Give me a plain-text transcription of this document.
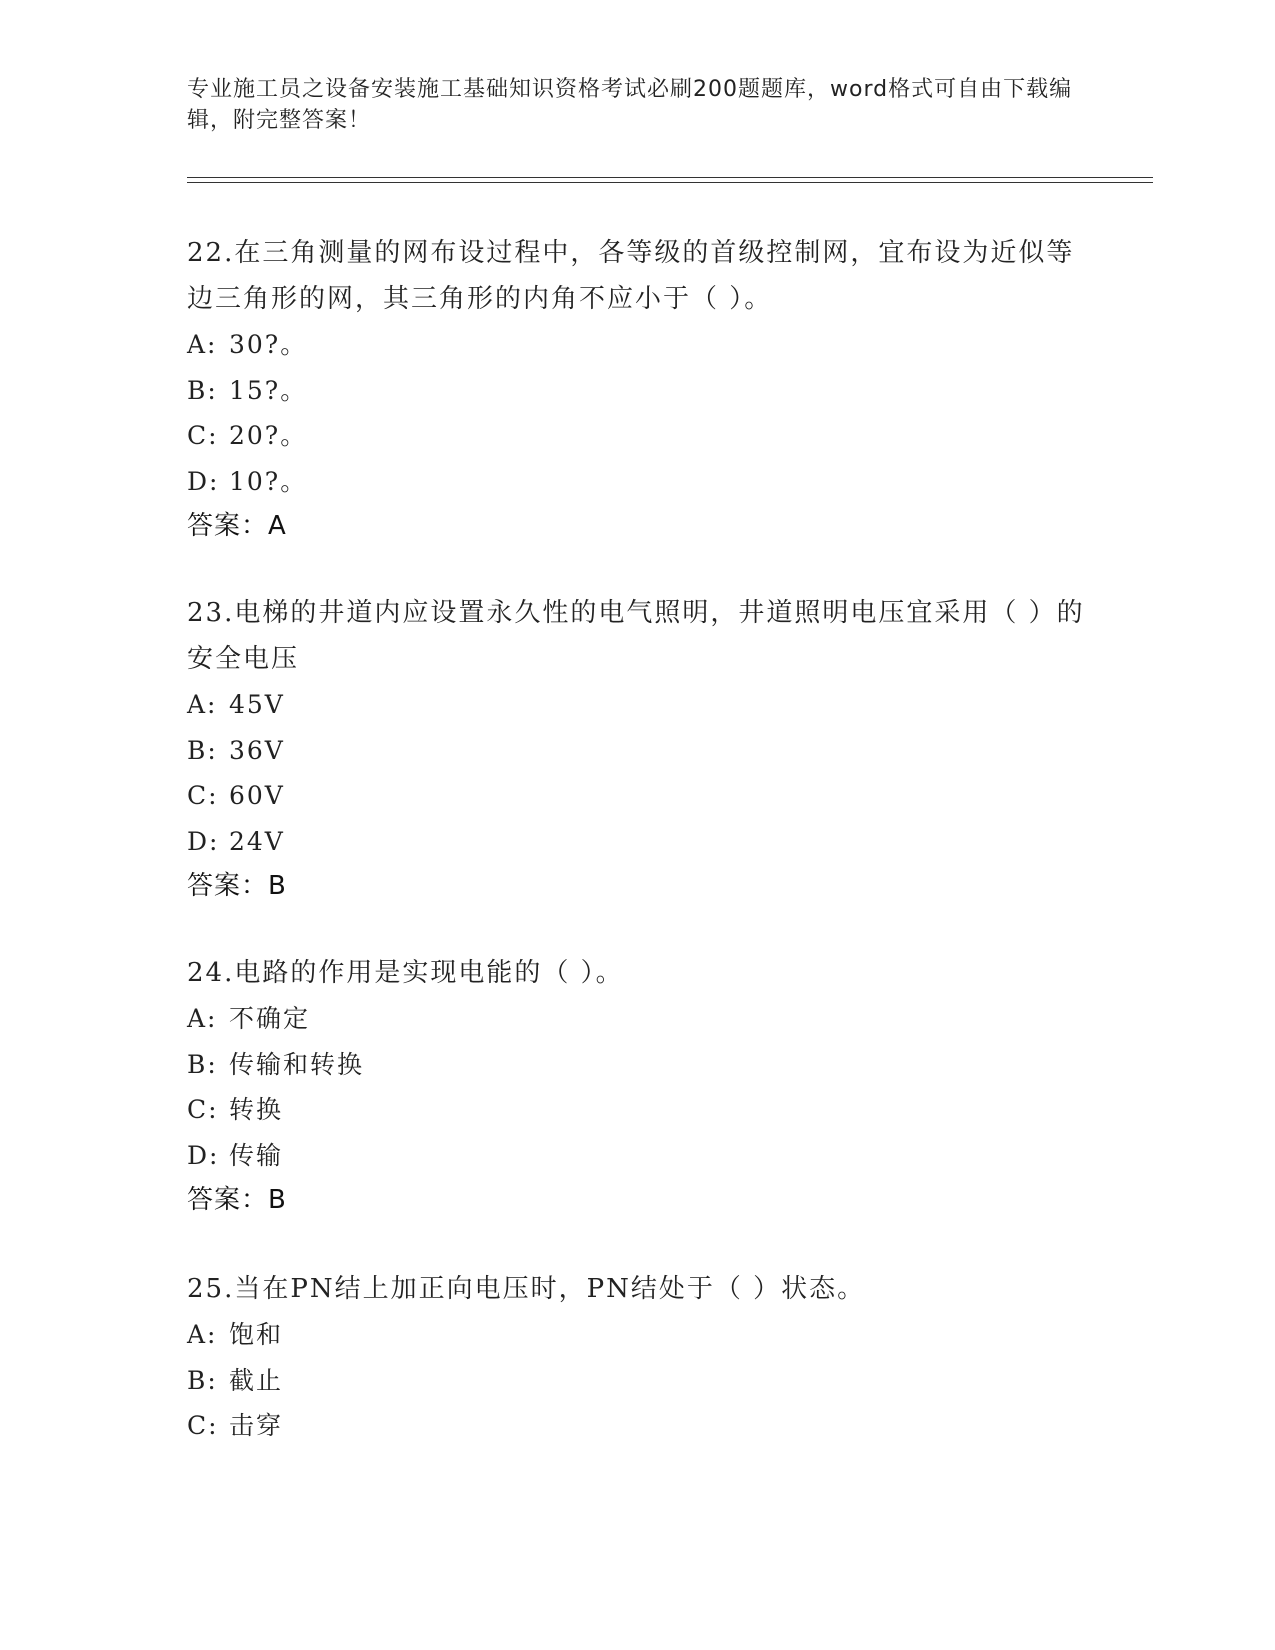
专业施工员之设备安装施工基础知识资格考试必刷200题题库，word格式可自由下载编辑，附完整答案！
22.在三角测量的网布设过程中，各等级的首级控制网，宜布设为近似等边三角形的网，其三角形的内角不应小于（ ）。
A: 30?。
B: 15?。
C: 20?。
D: 10?。
答案：A
23.电梯的井道内应设置永久性的电气照明，井道照明电压宜采用（ ）的安全电压
A: 45V
B: 36V
C: 60V
D: 24V
答案：B
24.电路的作用是实现电能的（ ）。
A: 不确定
B: 传输和转换
C: 转换
D: 传输
答案：B
25.当在PN结上加正向电压时，PN结处于（ ）状态。
A: 饱和
B: 截止
C: 击穿
